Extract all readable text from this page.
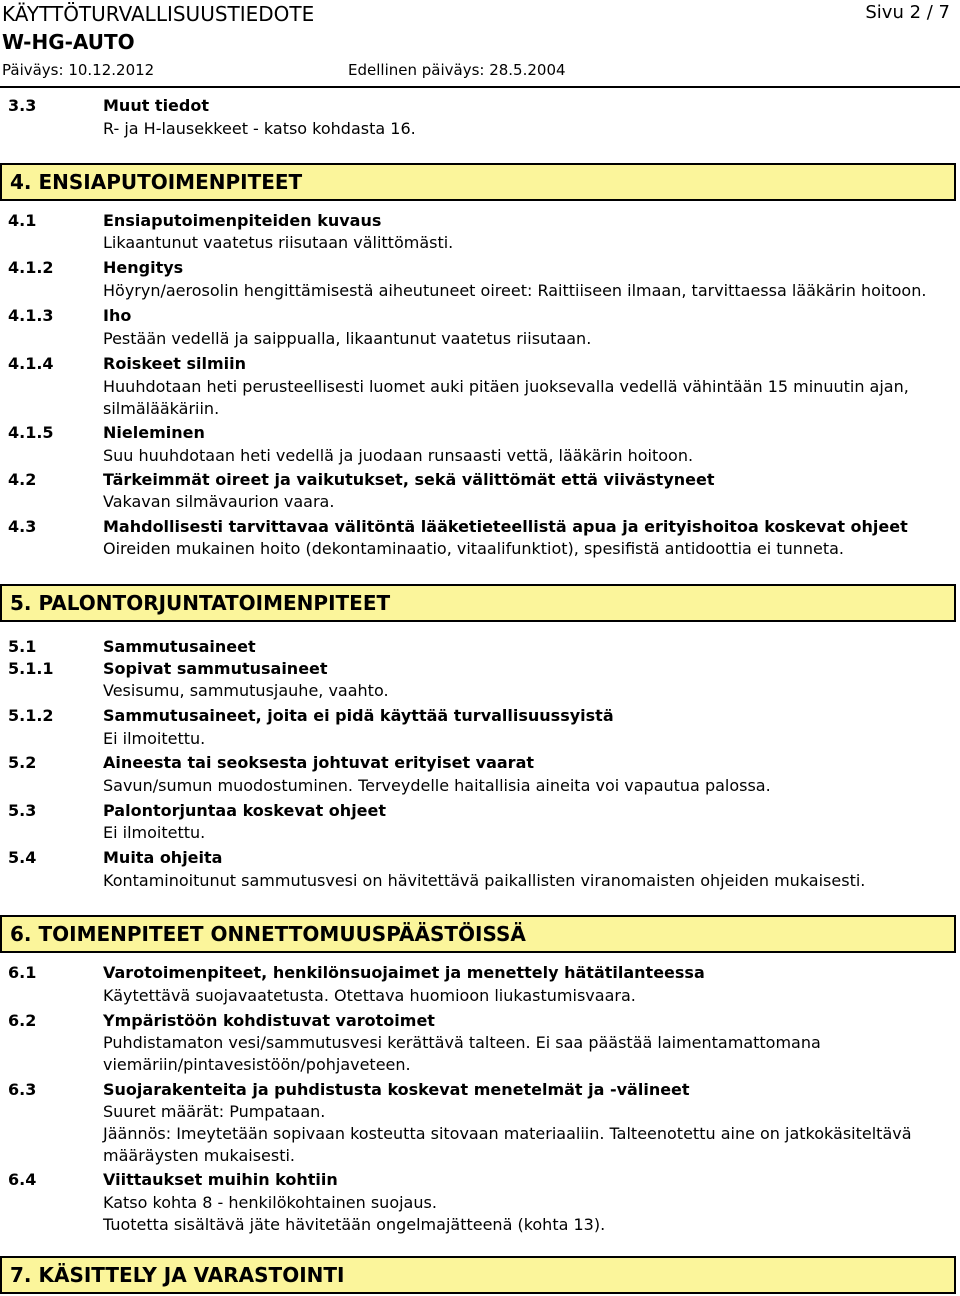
KÄYTTÖTURVALLISUUSTIEDOTE	Sivu 2 / 7
W-HG-AUTO
Päiväys: 10.12.2012	Edellinen päiväys: 28.5.2004
3.3	Muut tiedot
R- ja H-lausekkeet - katso kohdasta 16.
4. ENSIAPUTOIMENPITEET
4.1	Ensiaputoimenpiteiden kuvaus
Likaantunut vaatetus riisutaan välittömästi.
4.1.2	Hengitys
Höyryn/aerosolin hengittämisestä aiheutuneet oireet: Raittiiseen ilmaan, tarvittaessa lääkärin hoitoon.
4.1.3	Iho
Pestään vedellä ja saippualla, likaantunut vaatetus riisutaan.
4.1.4	Roiskeet silmiin
Huuhdotaan heti perusteellisesti luomet auki pitäen juoksevalla vedellä vähintään 15 minuutin ajan,
silmälääkäriin.
4.1.5	Nieleminen
Suu huuhdotaan heti vedellä ja juodaan runsaasti vettä, lääkärin hoitoon.
4.2	Tärkeimmät oireet ja vaikutukset, sekä välittömät että viivästyneet
Vakavan silmävaurion vaara.
4.3	Mahdollisesti tarvittavaa välitöntä lääketieteellistä apua ja erityishoitoa koskevat ohjeet
Oireiden mukainen hoito (dekontaminaatio, vitaalifunktiot), spesifistä antidoottia ei tunneta.
5. PALONTORJUNTATOIMENPITEET
5.1	Sammutusaineet
5.1.1	Sopivat sammutusaineet
Vesisumu, sammutusjauhe, vaahto.
5.1.2	Sammutusaineet, joita ei pidä käyttää turvallisuussyistä
Ei ilmoitettu.
5.2	Aineesta tai seoksesta johtuvat erityiset vaarat
Savun/sumun muodostuminen. Terveydelle haitallisia aineita voi vapautua palossa.
5.3	Palontorjuntaa koskevat ohjeet
Ei ilmoitettu.
5.4	Muita ohjeita
Kontaminoitunut sammutusvesi on hävitettävä paikallisten viranomaisten ohjeiden mukaisesti.
6. TOIMENPITEET ONNETTOMUUSPÄÄSTÖISSÄ
6.1	Varotoimenpiteet, henkilönsuojaimet ja menettely hätätilanteessa
Käytettävä suojavaatetusta. Otettava huomioon liukastumisvaara.
6.2	Ympäristöön kohdistuvat varotoimet
Puhdistamaton vesi/sammutusvesi kerättävä talteen. Ei saa päästää laimentamattomana
viemäriin/pintavesistöön/pohjaveteen.
6.3	Suojarakenteita ja puhdistusta koskevat menetelmät ja -välineet
Suuret määrät: Pumpataan.
Jäännös: Imeytetään sopivaan kosteutta sitovaan materiaaliin. Talteenotettu aine on jatkokäsiteltävä
määräysten mukaisesti.
6.4	Viittaukset muihin kohtiin
Katso kohta 8 - henkilökohtainen suojaus.
Tuotetta sisältävä jäte hävitetään ongelmajätteenä (kohta 13).
7. KÄSITTELY JA VARASTOINTI
